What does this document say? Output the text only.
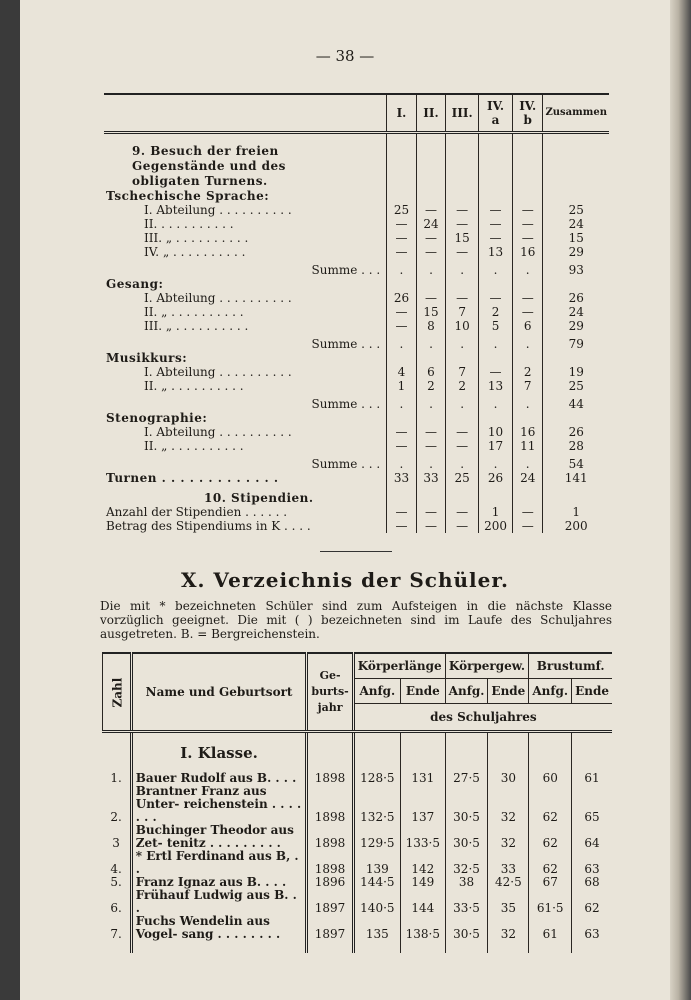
— 38 —
	I.	II.	III.	IV. a	IV. b	Zusammen
9. Besuch der freien Gegenstände und des obligaten Turnens.						
Tschechische Sprache:						
I. Abteilung . . . . . . . . . .	25	—	—	—	—	25
II. . . . . . . . . . .	—	24	—	—	—	24
III. „ . . . . . . . . . .	—	—	15	—	—	15
IV. „ . . . . . . . . . .	—	—	—	13	16	29
Summe . . .	.	.	.	.	.	93
Gesang:						
I. Abteilung . . . . . . . . . .	26	—	—	—	—	26
II. „ . . . . . . . . . .	—	15	7	2	—	24
III. „ . . . . . . . . . .	—	8	10	5	6	29
Summe . . .	.	.	.	.	.	79
Musikkurs:						
I. Abteilung . . . . . . . . . .	4	6	7	—	2	19
II. „ . . . . . . . . . .	1	2	2	13	7	25
Summe . . .	.	.	.	.	.	44
Stenographie:						
I. Abteilung . . . . . . . . . .	—	—	—	10	16	26
II. „ . . . . . . . . . .	—	—	—	17	11	28
Summe . . .	.	.	.	.	.	54
Turnen . . . . . . . . . . . . .	33	33	25	26	24	141
10. Stipendien.						
Anzahl der Stipendien . . . . . .	—	—	—	1	—	1
Betrag des Stipendiums in K . . . .	—	—	—	200	—	200
X. Verzeichnis der Schüler.
Die mit * bezeichneten Schüler sind zum Aufsteigen in die nächste Klasse vorzüglich geeignet. Die mit ( ) bezeichneten sind im Laufe des Schuljahres ausgetreten. B. = Bergreichenstein.
Zahl	Name und Geburtsort	Ge- burts- jahr	Körperlänge		Körpergew.		Brustumf.	
			Anfg.	Ende	Anfg.	Ende	Anfg.	Ende
			des Schuljahres					
	I. Klasse.							
1.	Bauer Rudolf aus B. . . .	1898	128·5	131	27·5	30	60	61
2.	Brantner Franz aus Unter- reichenstein . . . . . . .	1898	132·5	137	30·5	32	62	65
3	Buchinger Theodor aus Zet- tenitz . . . . . . . . .	1898	129·5	133·5	30·5	32	62	64
4.	* Ertl Ferdinand aus B, . .	1898	139	142	32·5	33	62	63
5.	Franz Ignaz aus B. . . .	1896	144·5	149	38	42·5	67	68
6.	Frühauf Ludwig aus B. . .	1897	140·5	144	33·5	35	61·5	62
7.	Fuchs Wendelin aus Vogel- sang . . . . . . . .	1897	135	138·5	30·5	32	61	63
